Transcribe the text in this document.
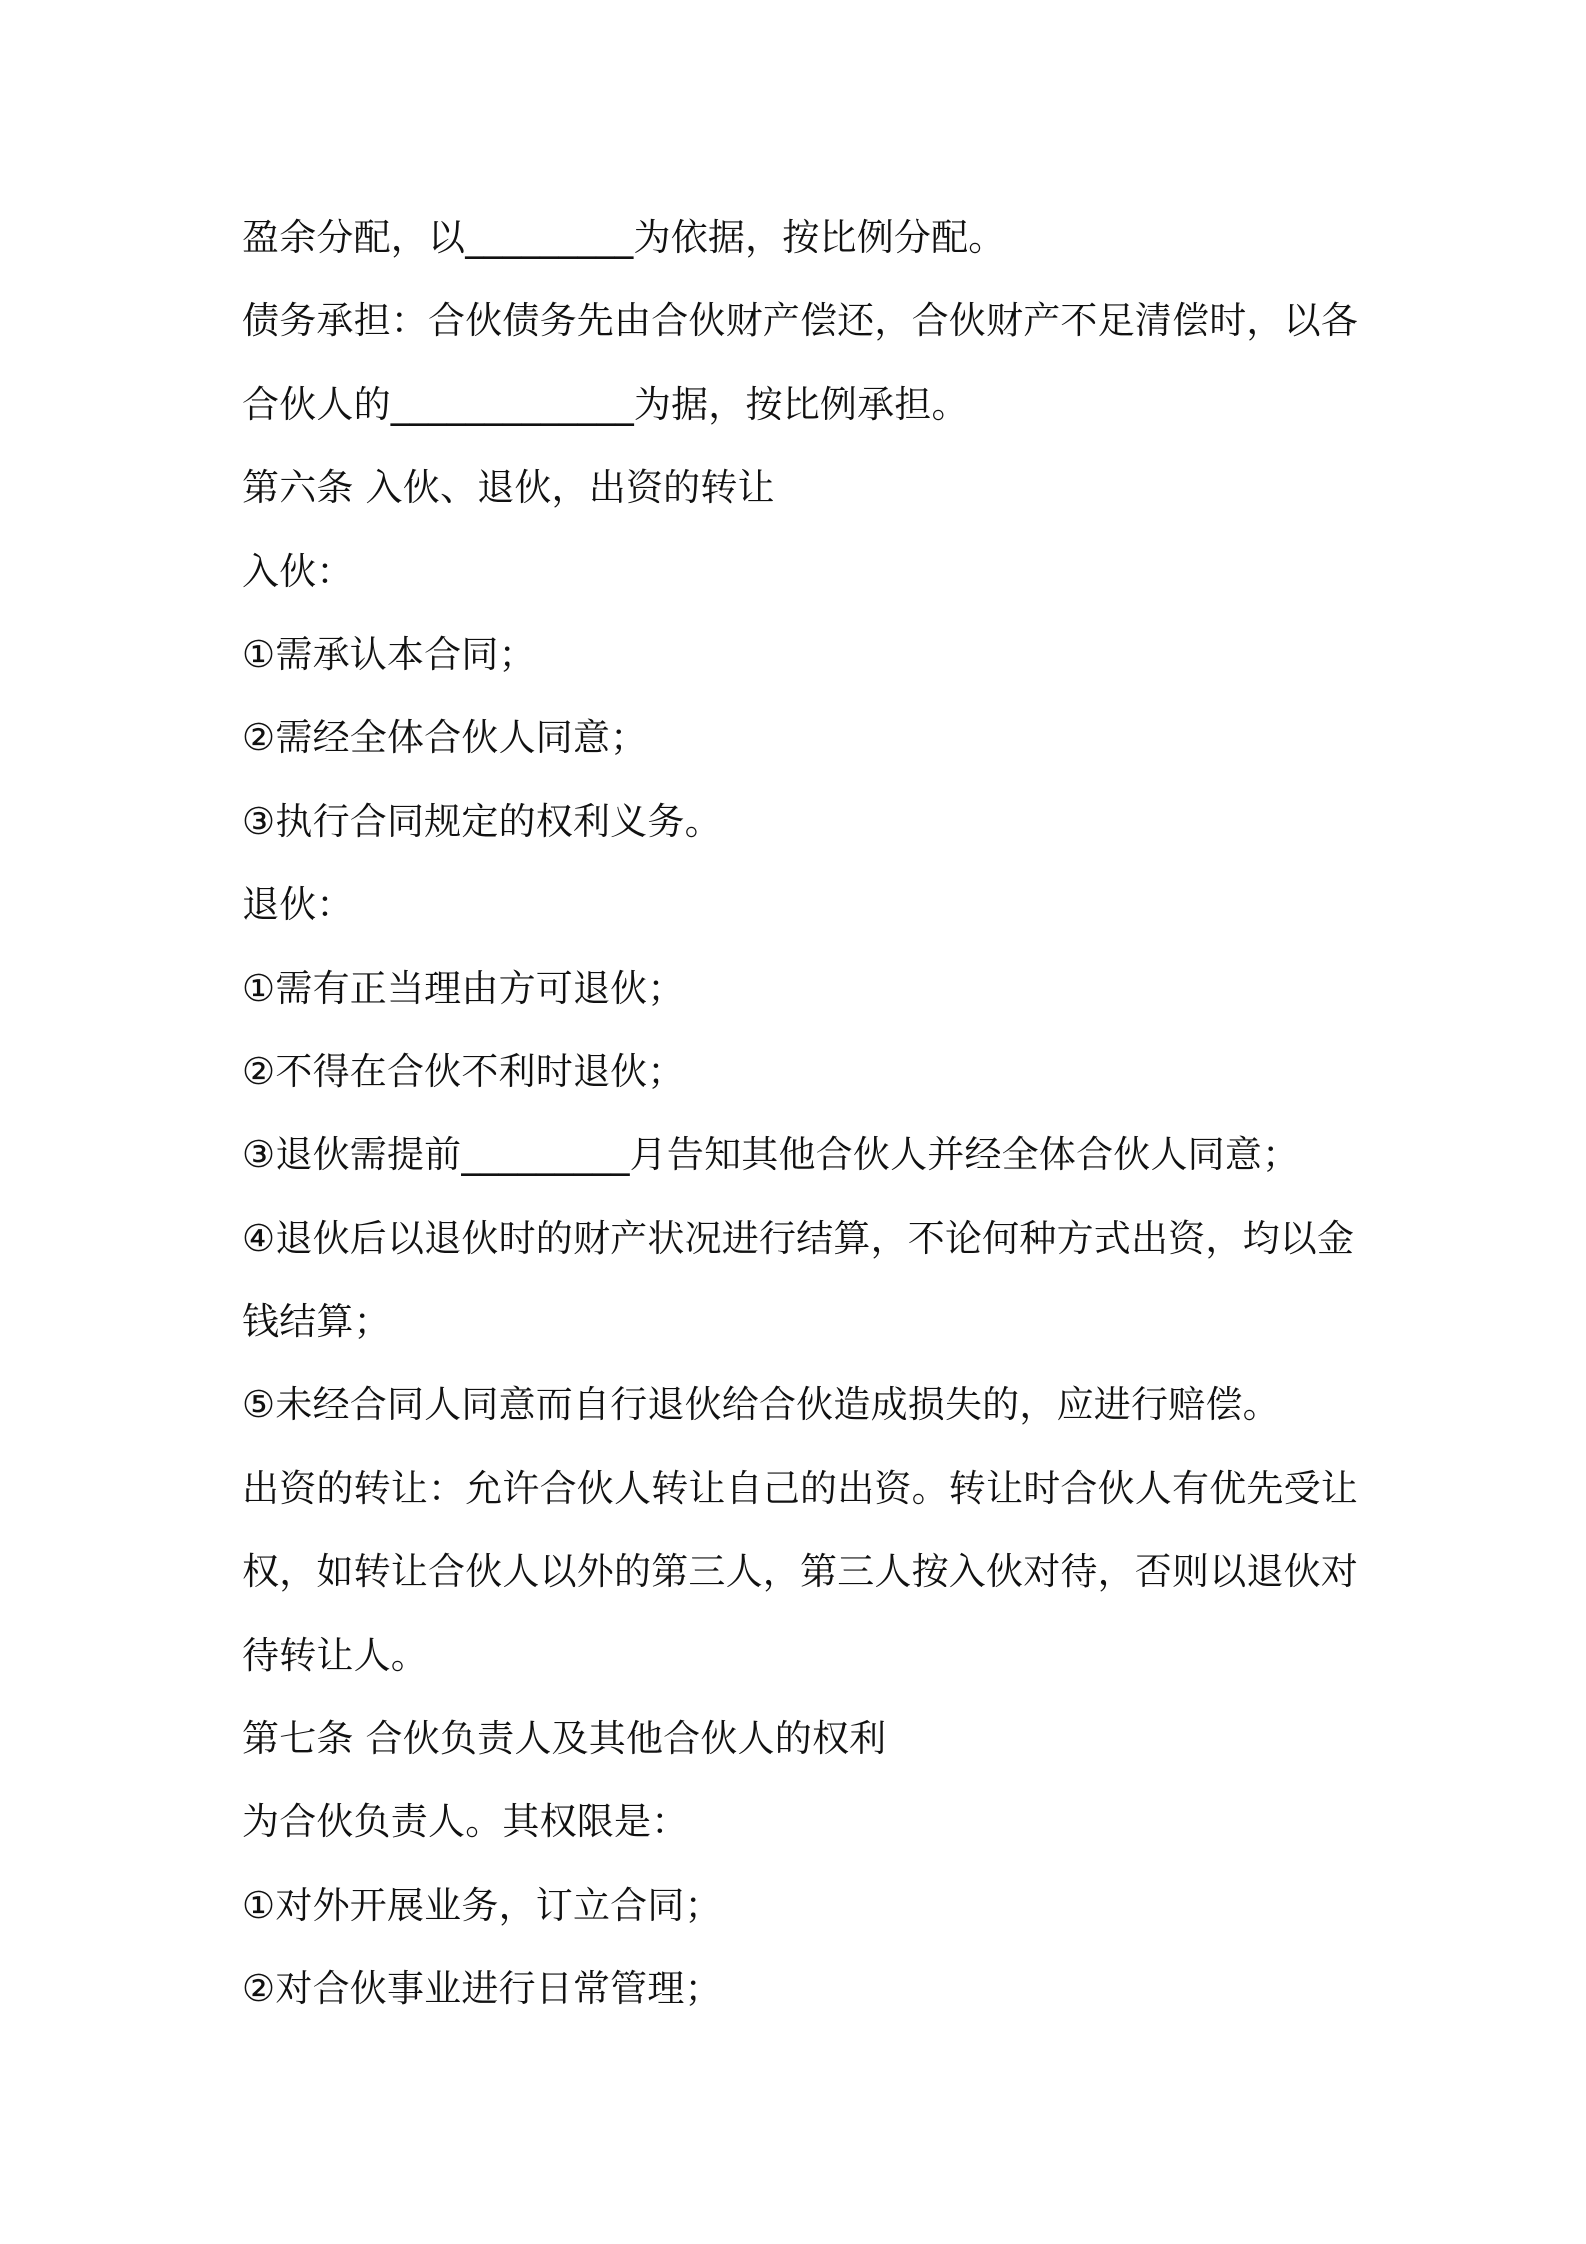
盈余分配，以_________为依据，按比例分配。
债务承担：合伙债务先由合伙财产偿还，合伙财产不足清偿时，以各
合伙人的_____________为据，按比例承担。
第六条 入伙、退伙，出资的转让
入伙：
①需承认本合同；
②需经全体合伙人同意；
③执行合同规定的权利义务。
退伙：
①需有正当理由方可退伙；
②不得在合伙不利时退伙；
③退伙需提前_________月告知其他合伙人并经全体合伙人同意；
④退伙后以退伙时的财产状况进行结算，不论何种方式出资，均以金
钱结算；
⑤未经合同人同意而自行退伙给合伙造成损失的，应进行赔偿。
出资的转让：允许合伙人转让自己的出资。转让时合伙人有优先受让
权，如转让合伙人以外的第三人，第三人按入伙对待，否则以退伙对
待转让人。
第七条 合伙负责人及其他合伙人的权利
为合伙负责人。其权限是：
①对外开展业务，订立合同；
②对合伙事业进行日常管理；
